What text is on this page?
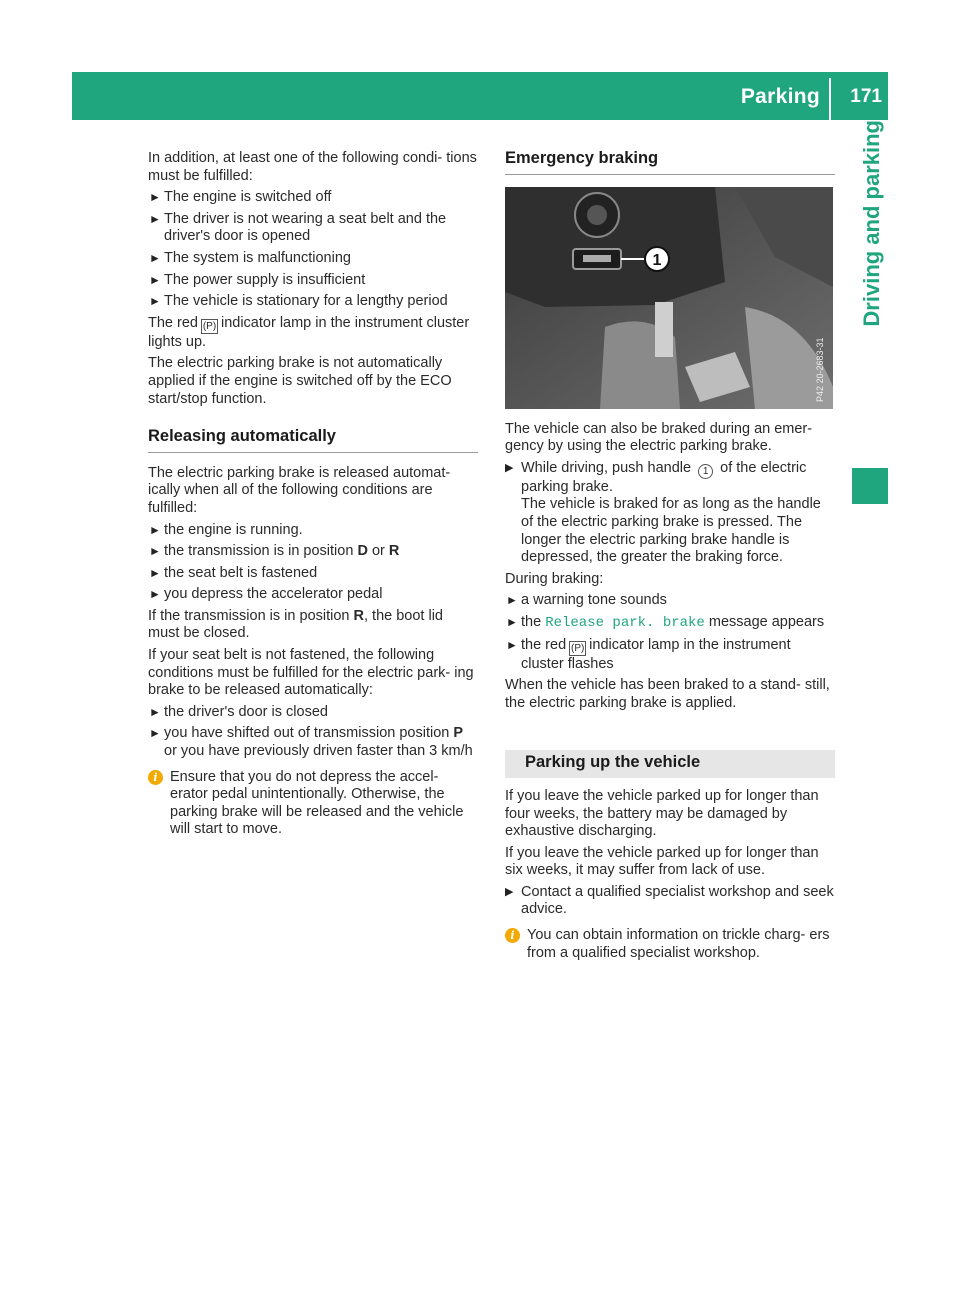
Parking 171
Driving and parking

In addition, at least one of the following condi- tions must be fulfilled:

► The engine is switched off
► The driver is not wearing a seat belt and the driver's door is opened
► The system is malfunctioning
► The power supply is insufficient
► The vehicle is stationary for a lengthy period

The red (P) indicator lamp in the instrument cluster lights up.

The electric parking brake is not automatically applied if the engine is switched off by the ECO start/stop function.

Releasing automatically

The electric parking brake is released automat- ically when all of the following conditions are fulfilled:

► the engine is running.
► the transmission is in position D or R
► the seat belt is fastened
► you depress the accelerator pedal

If the transmission is in position R, the boot lid must be closed.

If your seat belt is not fastened, the following conditions must be fulfilled for the electric park- ing brake to be released automatically:

► the driver's door is closed
► you have shifted out of transmission position P or you have previously driven faster than 3 km/h
i Ensure that you do not depress the accel- erator pedal unintentionally. Otherwise, the parking brake will be released and the vehicle will start to move.
Emergency braking
1
P42 20-2683-31

The vehicle can also be braked during an emer- gency by using the electric parking brake.

▶ While driving, push handle 1 of the electric parking brake.
The vehicle is braked for as long as the handle of the electric parking brake is pressed. The longer the electric parking brake handle is depressed, the greater the braking force.

During braking:

► a warning tone sounds
► the Release park. brake message appears
► the red (P) indicator lamp in the instrument cluster flashes

When the vehicle has been braked to a stand- still, the electric parking brake is applied.

Parking up the vehicle

If you leave the vehicle parked up for longer than four weeks, the battery may be damaged by exhaustive discharging.

If you leave the vehicle parked up for longer than six weeks, it may suffer from lack of use.

▶ Contact a qualified specialist workshop and seek advice.
i You can obtain information on trickle charg- ers from a qualified specialist workshop.
